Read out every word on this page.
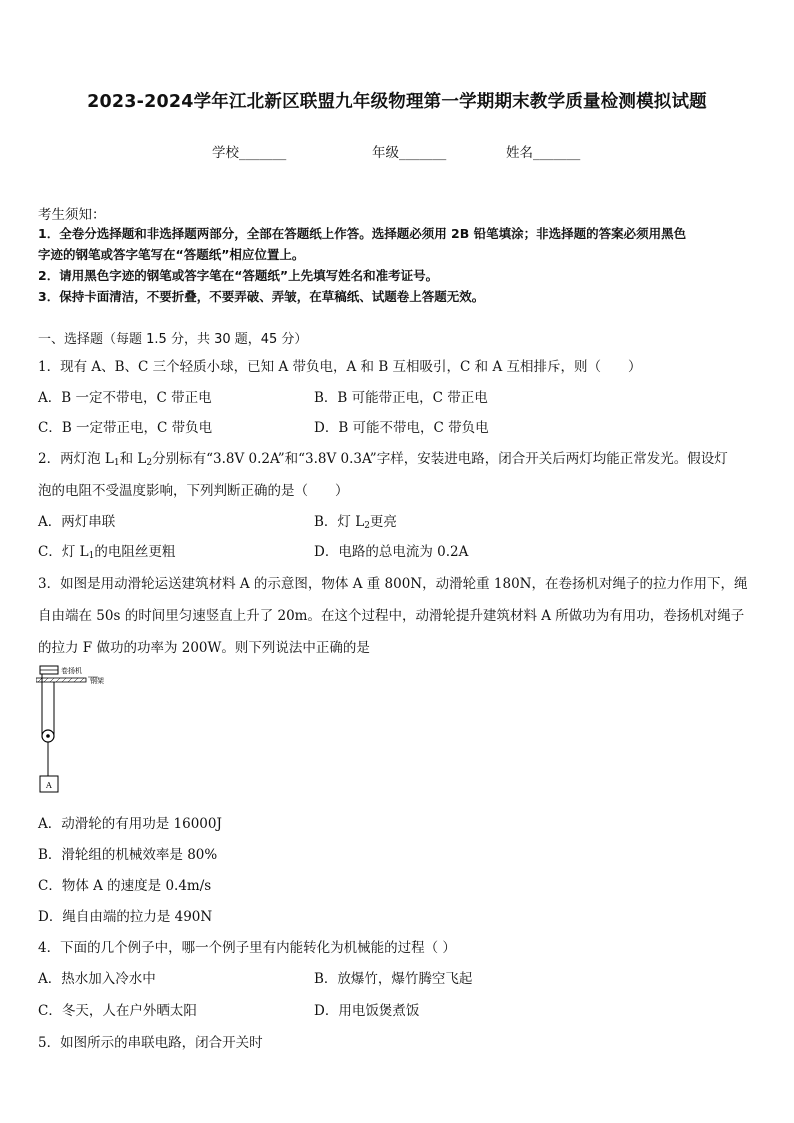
2023-2024学年江北新区联盟九年级物理第一学期期末教学质量检测模拟试题
学校_______	年级_______	姓名_______
考生须知：
1．全卷分选择题和非选择题两部分，全部在答题纸上作答。选择题必须用 2B 铅笔填涂；非选择题的答案必须用黑色
字迹的钢笔或答字笔写在“答题纸”相应位置上。
2．请用黑色字迹的钢笔或答字笔在“答题纸”上先填写姓名和准考证号。
3．保持卡面清洁，不要折叠，不要弄破、弄皱，在草稿纸、试题卷上答题无效。
一、选择题（每题 1.5 分，共 30 题，45 分）
1．现有 A、B、C 三个轻质小球，已知 A 带负电，A 和 B 互相吸引，C 和 A 互相排斥，则（　　）
A．B 一定不带电，C 带正电	B．B 可能带正电，C 带正电
C．B 一定带正电，C 带负电	D．B 可能不带电，C 带负电
2．两灯泡 $L_1$和 $L_2$分别标有“3.8V 0.2A”和“3.8V 0.3A”字样，安装进电路，闭合开关后两灯均能正常发光。假设灯
泡的电阻不受温度影响，下列判断正确的是（　　）
A．两灯串联	B．灯 $L_2$更亮
C．灯 $L_1$的电阻丝更粗	D．电路的总电流为 0.2A
3．如图是用动滑轮运送建筑材料 A 的示意图，物体 A 重 800N，动滑轮重 180N，在卷扬机对绳子的拉力作用下，绳
自由端在 50s 的时间里匀速竖直上升了 20m。在这个过程中，动滑轮提升建筑材料 A 所做功为有用功，卷扬机对绳子
的拉力 F 做功的功率为 200W。则下列说法中正确的是
卷扬机
钢架
A
A．动滑轮的有用功是 16000J
B．滑轮组的机械效率是 80%
C．物体 A 的速度是 0.4m/s
D．绳自由端的拉力是 490N
4．下面的几个例子中，哪一个例子里有内能转化为机械能的过程（ ）
A．热水加入冷水中	B．放爆竹，爆竹腾空飞起
C．冬天，人在户外晒太阳	D．用电饭煲煮饭
5．如图所示的串联电路，闭合开关时
